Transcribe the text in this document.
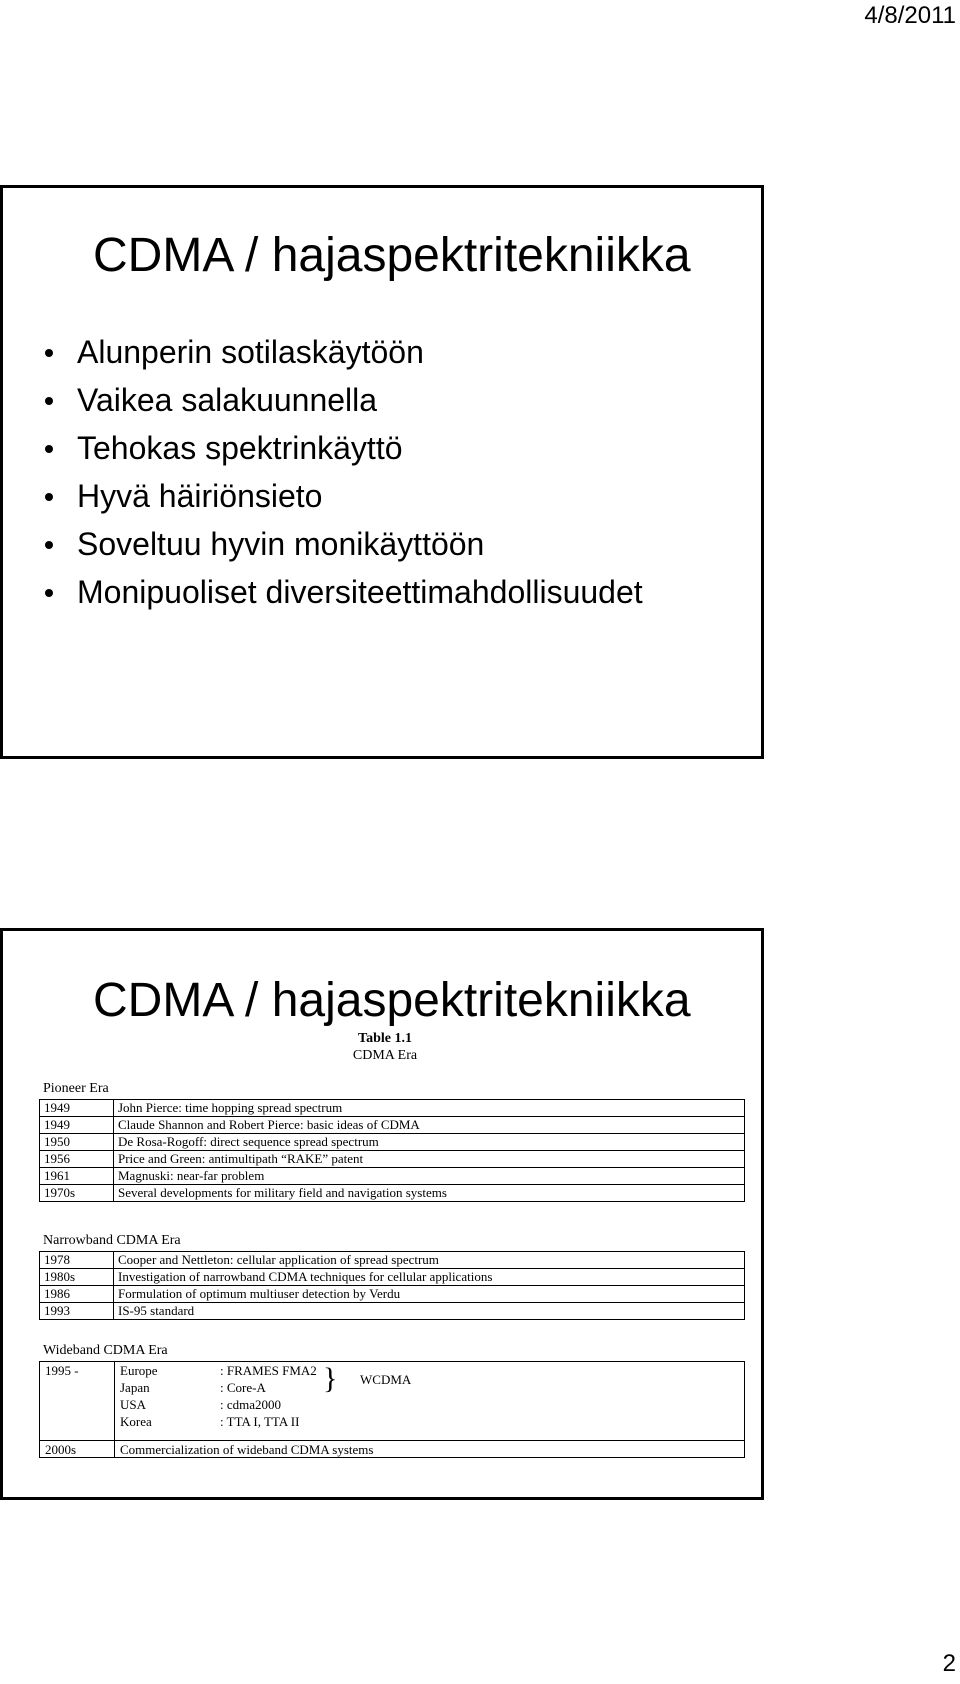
4/8/2011
CDMA / hajaspektritekniikka
Alunperin sotilaskäytöön
Vaikea salakuunnella
Tehokas spektrinkäyttö
Hyvä häiriönsieto
Soveltuu hyvin monikäyttöön
Monipuoliset diversiteettimahdollisuudet
CDMA / hajaspektritekniikka
Table 1.1
CDMA Era
Pioneer Era
1949	John Pierce: time hopping spread spectrum
1949	Claude Shannon and Robert Pierce: basic ideas of CDMA
1950	De Rosa-Rogoff: direct sequence spread spectrum
1956	Price and Green: antimultipath “RAKE” patent
1961	Magnuski: near-far problem
1970s	Several developments for military field and navigation systems
Narrowband CDMA Era
1978	Cooper and Nettleton: cellular application of spread spectrum
1980s	Investigation of narrowband CDMA techniques for cellular applications
1986	Formulation of optimum multiuser detection by Verdu
1993	IS-95 standard
Wideband CDMA Era
1995 -	Europe	: FRAMES FMA2
Japan	: Core-A
USA	: cdma2000
Korea	: TTA I, TTA II
} WCDMA
2000s	Commercialization of wideband CDMA systems
2
